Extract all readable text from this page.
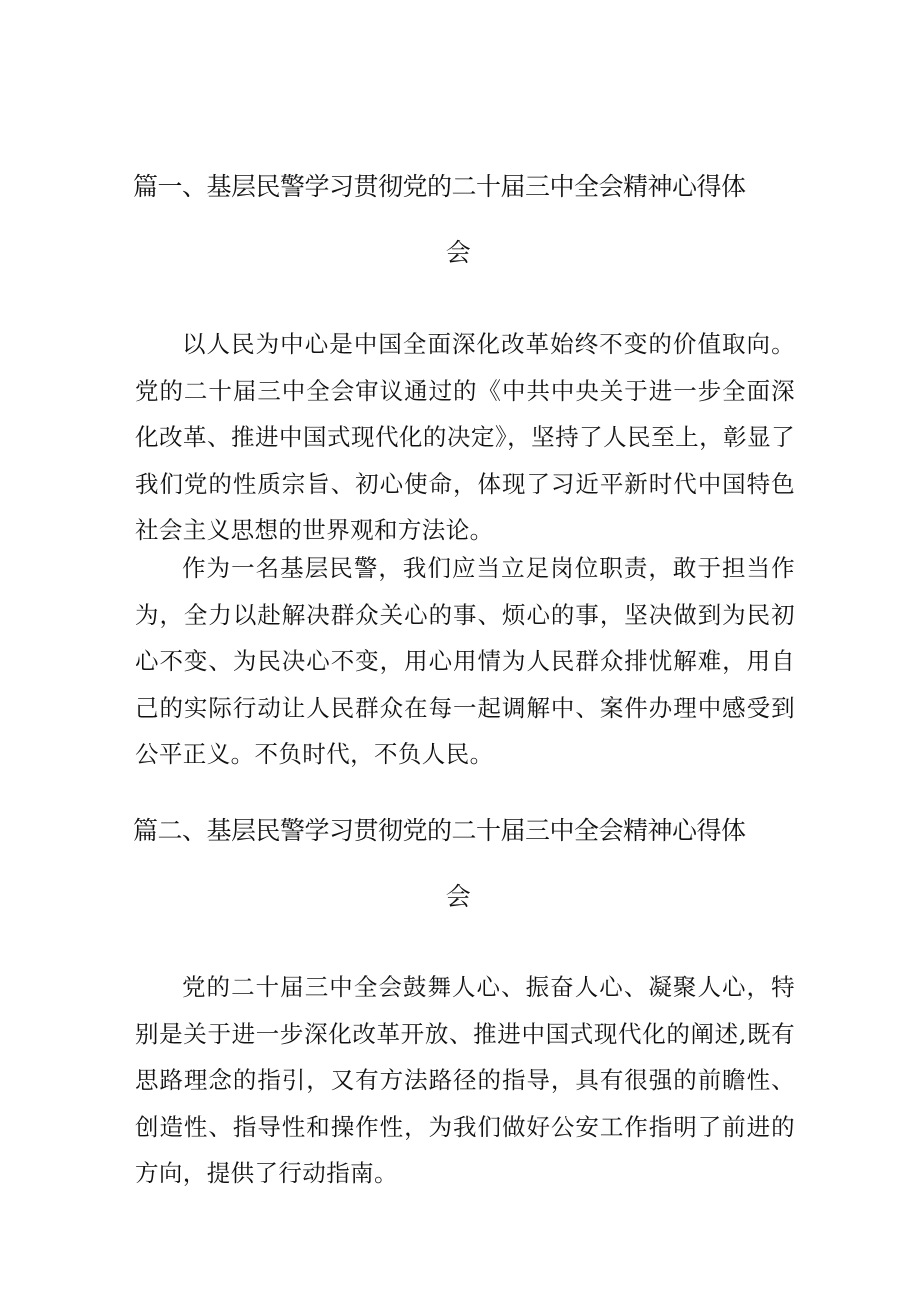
篇一、基层民警学习贯彻党的二十届三中全会精神心得体
会

以人民为中心是中国全面深化改革始终不变的价值取向。党的二十届三中全会审议通过的《中共中央关于进一步全面深化改革、推进中国式现代化的决定》，坚持了人民至上，彰显了我们党的性质宗旨、初心使命，体现了习近平新时代中国特色社会主义思想的世界观和方法论。

作为一名基层民警，我们应当立足岗位职责，敢于担当作为，全力以赴解决群众关心的事、烦心的事，坚决做到为民初心不变、为民决心不变，用心用情为人民群众排忧解难，用自己的实际行动让人民群众在每一起调解中、案件办理中感受到公平正义。不负时代，不负人民。

篇二、基层民警学习贯彻党的二十届三中全会精神心得体
会

党的二十届三中全会鼓舞人心、振奋人心、凝聚人心，特别是关于进一步深化改革开放、推进中国式现代化的阐述,既有思路理念的指引，又有方法路径的指导，具有很强的前瞻性、创造性、指导性和操作性，为我们做好公安工作指明了前进的方向，提供了行动指南。
